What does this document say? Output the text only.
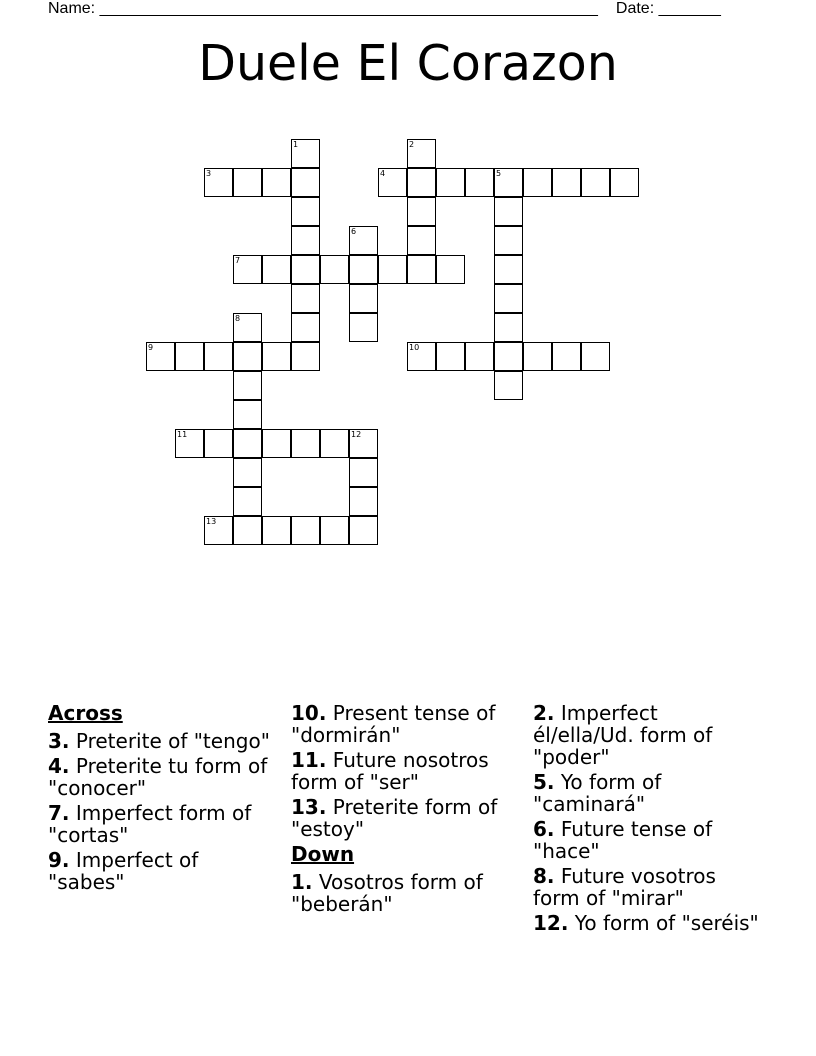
Name: ________________________________________________________ Date: _______
Duele El Corazon
1	2
3	4	5
6
7
8
9	10
11	12
13
Across
3. Preterite of "tengo"
4. Preterite tu form of "conocer"
7. Imperfect form of "cortas"
9. Imperfect of "sabes"
10. Present tense of "dormirán"
11. Future nosotros form of "ser"
13. Preterite form of "estoy"
Down
1. Vosotros form of "beberán"
2. Imperfect él/ella/Ud. form of "poder"
5. Yo form of "caminará"
6. Future tense of "hace"
8. Future vosotros form of "mirar"
12. Yo form of "seréis"
